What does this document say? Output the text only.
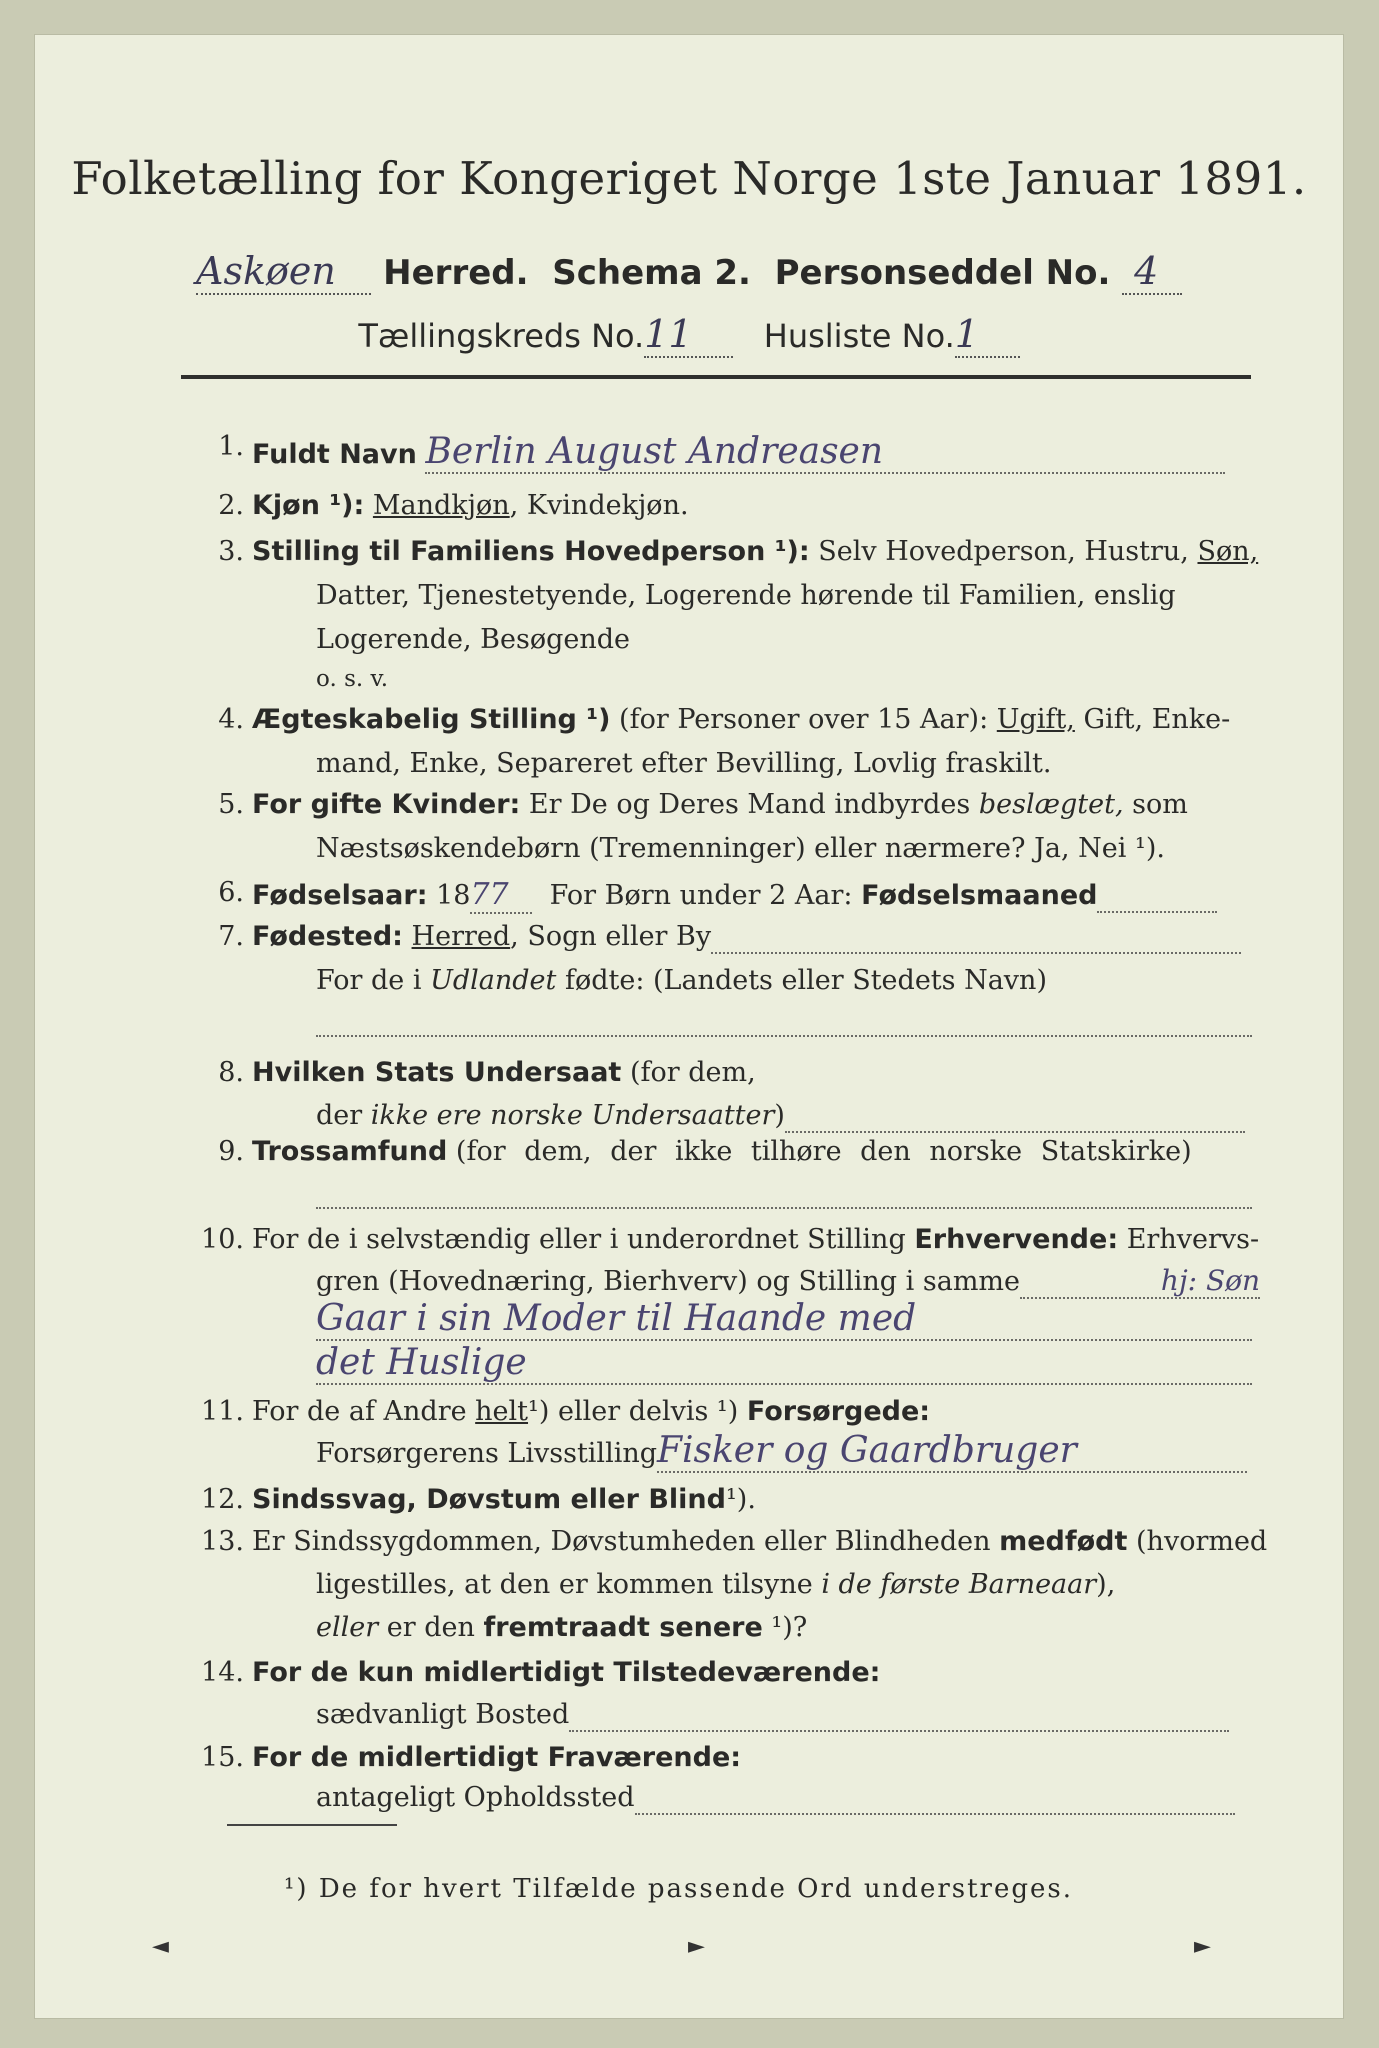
Folketælling for Kongeriget Norge 1ste Januar 1891.
Askøen Herred. Schema 2. Personseddel No. 4
Tællingskreds No.11 Husliste No.1
1. Fuldt Navn Berlin August Andreasen
2. Kjøn ¹): Mandkjøn, Kvindekjøn.
3. Stilling til Familiens Hovedperson ¹): Selv Hovedperson, Hustru, Søn,
Datter, Tjenestetyende, Logerende hørende til Familien, enslig
Logerende, Besøgende
o. s. v.
4. Ægteskabelig Stilling ¹) (for Personer over 15 Aar): Ugift, Gift, Enke-
mand, Enke, Separeret efter Bevilling, Lovlig fraskilt.
5. For gifte Kvinder: Er De og Deres Mand indbyrdes beslægtet, som
Næstsøskendebørn (Tremenninger) eller nærmere? Ja, Nei ¹).
6. Fødselsaar: 1877 For Børn under 2 Aar: Fødselsmaaned
7. Fødested: Herred, Sogn eller By
For de i Udlandet fødte: (Landets eller Stedets Navn)

8. Hvilken Stats Undersaat (for dem,
der ikke ere norske Undersaatter)
9. Trossamfund (for dem, der ikke tilhøre den norske Statskirke)

10. For de i selvstændig eller i underordnet Stilling Erhvervende: Erhvervs-
gren (Hovednæring, Bierhverv) og Stilling i samme	hj: Søn
Gaar i sin Moder til Haande med
det Huslige
11. For de af Andre helt¹) eller delvis ¹) Forsørgede:
Forsørgerens LivsstillingFisker og Gaardbruger
12. Sindssvag, Døvstum eller Blind¹).
13. Er Sindssygdommen, Døvstumheden eller Blindheden medfødt (hvormed
ligestilles, at den er kommen tilsyne i de første Barneaar),
eller er den fremtraadt senere ¹)?
14. For de kun midlertidigt Tilstedeværende:
sædvanligt Bosted
15. For de midlertidigt Fraværende:
antageligt Opholdssted
¹) De for hvert Tilfælde passende Ord understreges.
◄	►	►
